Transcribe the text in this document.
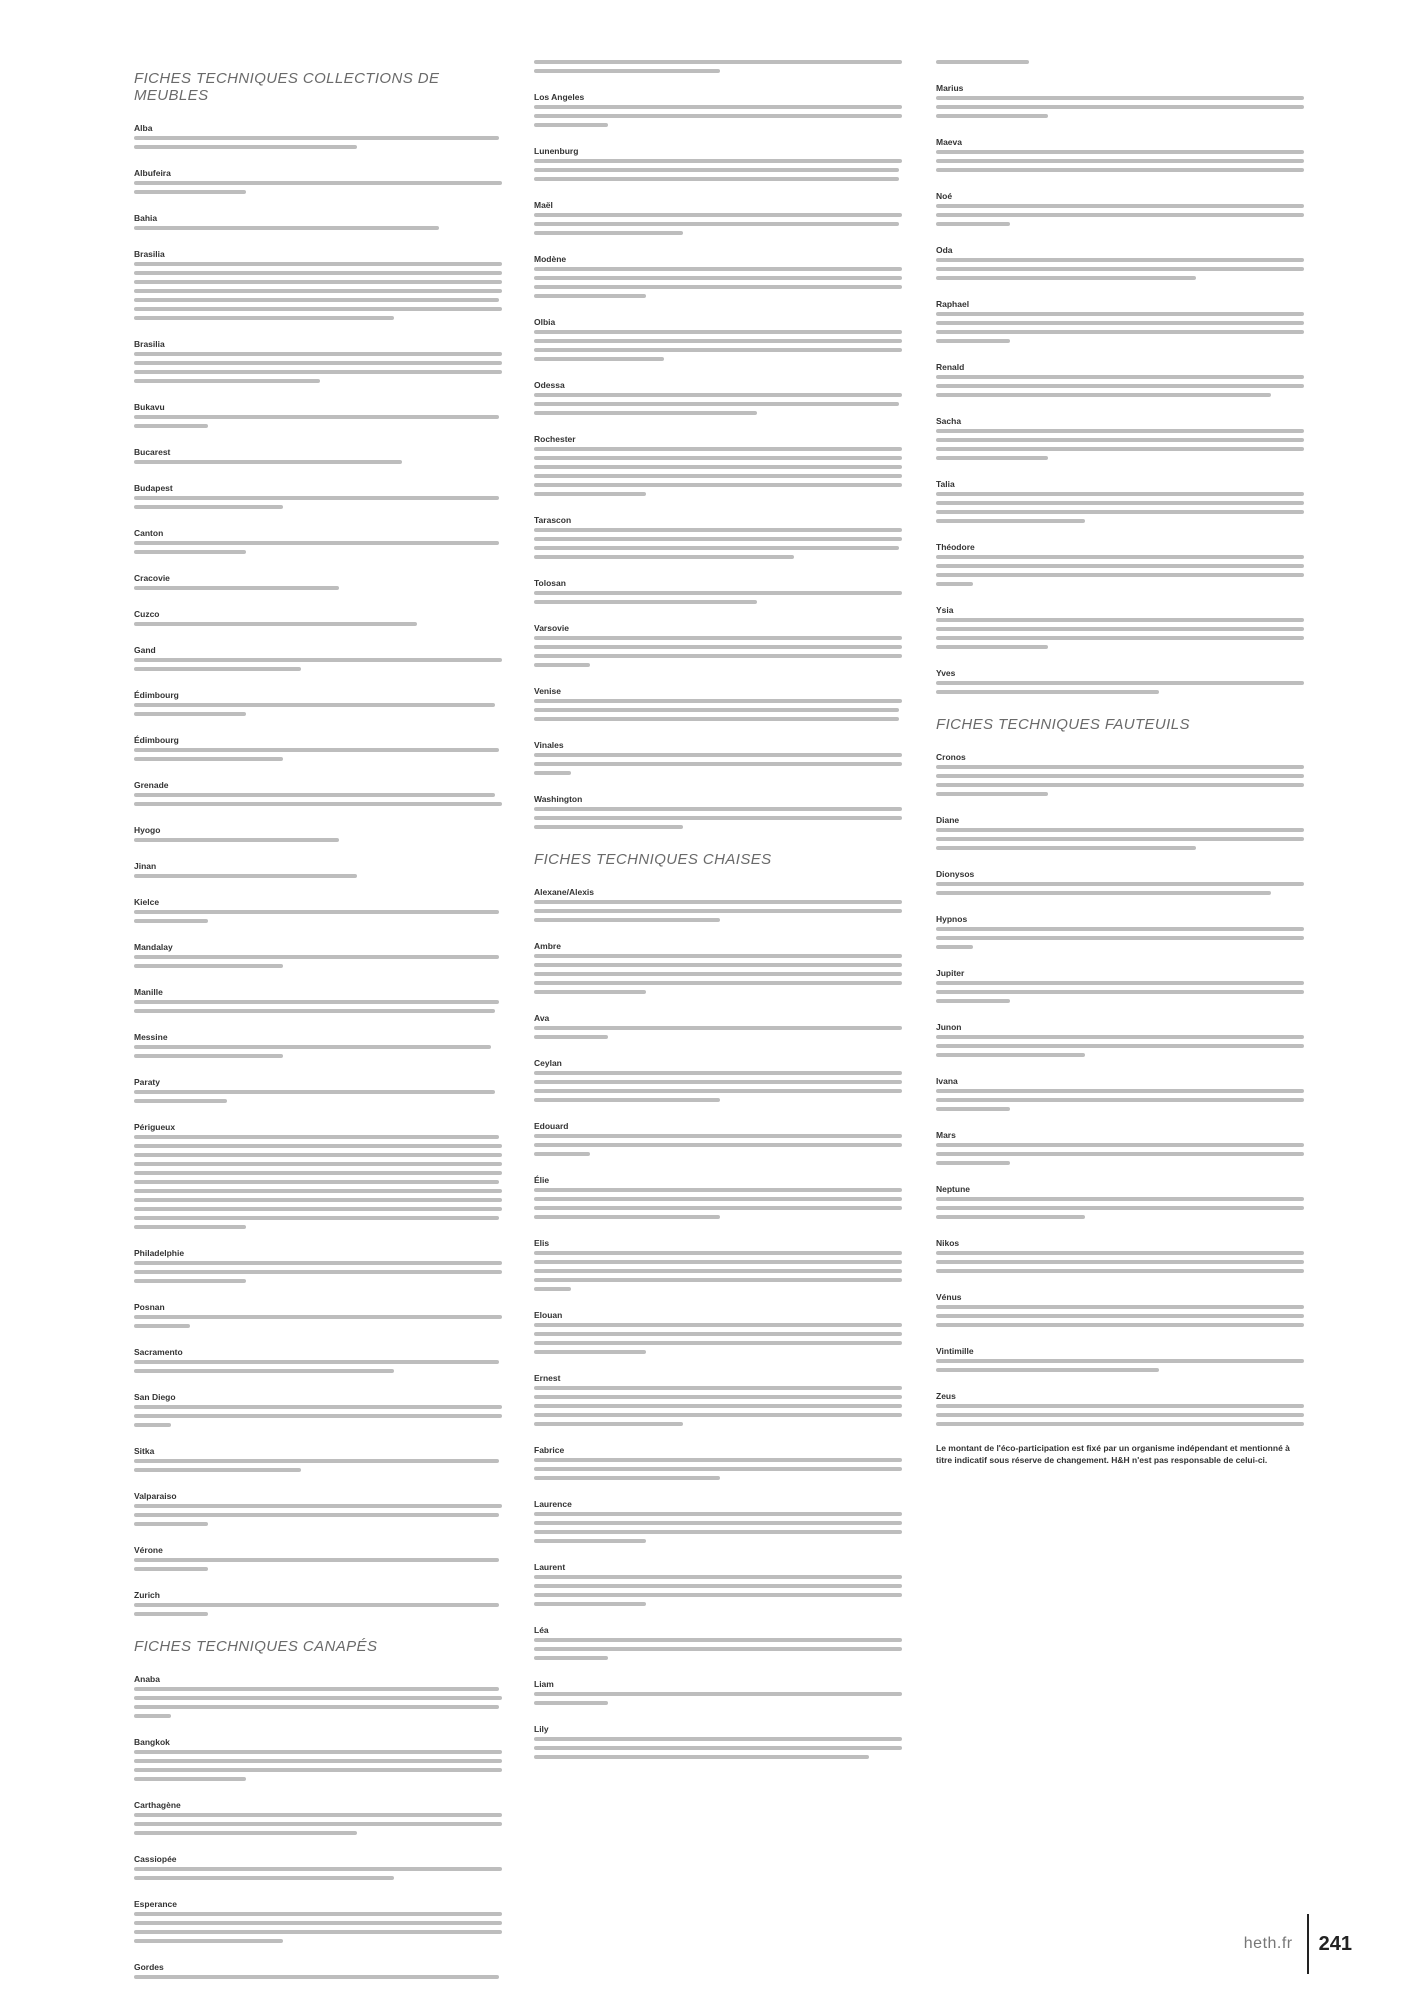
FICHES TECHNIQUES COLLECTIONS DE MEUBLES
Alba
Albufeira
Bahia
Brasilia
Brasilia
Bukavu
Bucarest
Budapest
Canton
Cracovie
Cuzco
Gand
Édimbourg
Édimbourg
Grenade
Hyogo
Jinan
Kielce
Mandalay
Manille
Messine
Paraty
Périgueux
Philadelphie
Posnan
Sacramento
San Diego
Sitka
Valparaiso
Vérone
Zurich
FICHES TECHNIQUES CANAPÉS
Anaba
Bangkok
Carthagène
Cassiopée
Esperance
Gordes
Los Angeles
Lunenburg
Maël
Modène
Olbia
Odessa
Rochester
Tarascon
Tolosan
Varsovie
Venise
Vinales
Washington
FICHES TECHNIQUES CHAISES
Alexane/Alexis
Ambre
Ava
Ceylan
Edouard
Élie
Elis
Elouan
Ernest
Fabrice
Laurence
Laurent
Léa
Liam
Lily
Marius
Maeva
Noé
Oda
Raphael
Renald
Sacha
Talia
Théodore
Ysia
Yves
FICHES TECHNIQUES FAUTEUILS
Cronos
Diane
Dionysos
Hypnos
Jupiter
Junon
Ivana
Mars
Neptune
Nikos
Vénus
Vintimille
Zeus
Le montant de l'éco-participation est fixé par un organisme indépendant et mentionné à titre indicatif sous réserve de changement. H&H n'est pas responsable de celui-ci.
heth.fr 241
